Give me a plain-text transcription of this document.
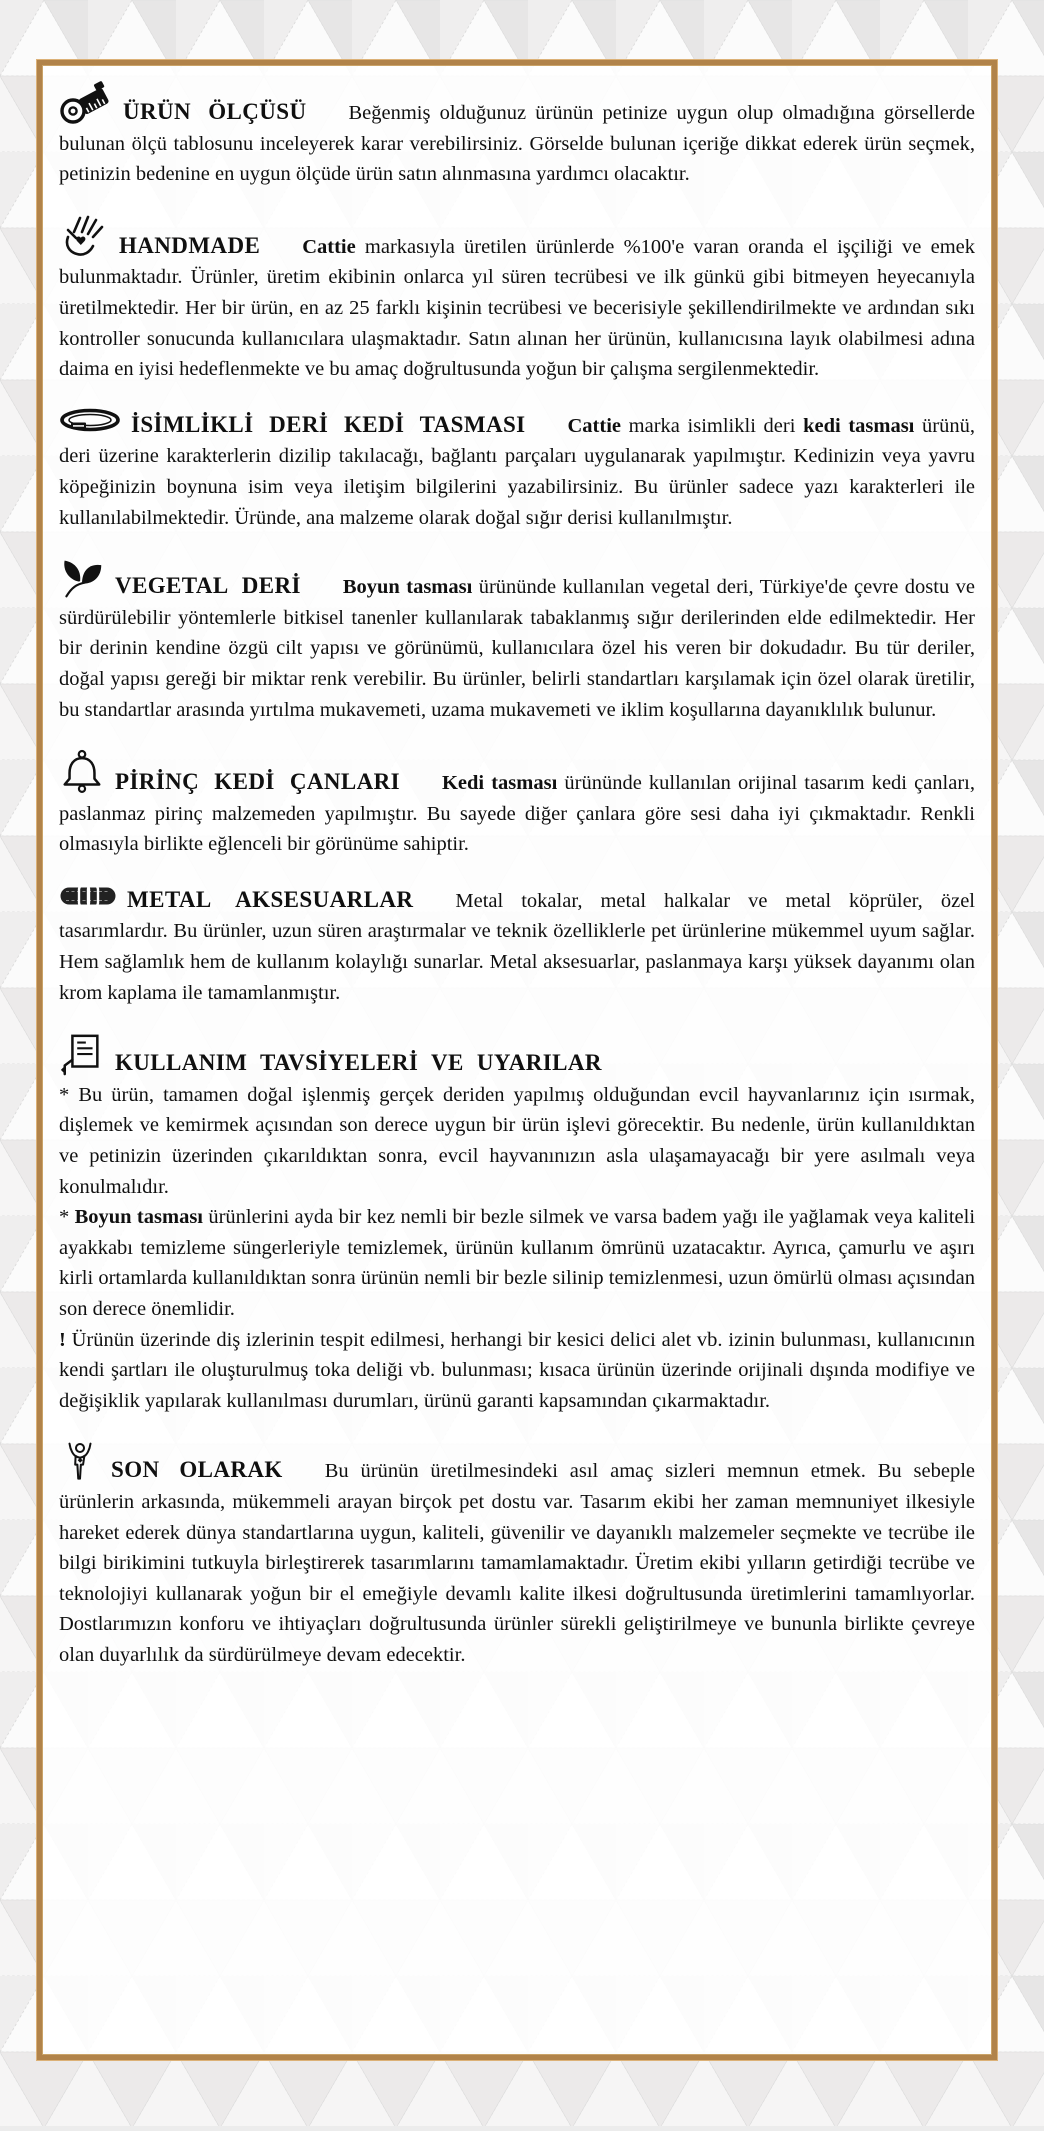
ÜRÜN ÖLÇÜSÜ Beğenmiş olduğunuz ürünün petinize uygun olup olmadığına görsellerde bulunan ölçü tablosunu inceleyerek karar verebilirsiniz. Görselde bulunan içeriğe dikkat ederek ürün seçmek, petinizin bedenine en uygun ölçüde ürün satın alınmasına yardımcı olacaktır.

HANDMADE Cattie markasıyla üretilen ürünlerde %100'e varan oranda el işçiliği ve emek bulunmaktadır. Ürünler, üretim ekibinin onlarca yıl süren tecrübesi ve ilk günkü gibi bitmeyen heyecanıyla üretilmektedir. Her bir ürün, en az 25 farklı kişinin tecrübesi ve becerisiyle şekillendirilmekte ve ardından sıkı kontroller sonucunda kullanıcılara ulaşmaktadır. Satın alınan her ürünün, kullanıcısına layık olabilmesi adına daima en iyisi hedeflenmekte ve bu amaç doğrultusunda yoğun bir çalışma sergilenmektedir.

İSİMLİKLİ DERİ KEDİ TASMASI Cattie marka isimlikli deri kedi tasması ürünü, deri üzerine karakterlerin dizilip takılacağı, bağlantı parçaları uygulanarak yapılmıştır. Kedinizin veya yavru köpeğinizin boynuna isim veya iletişim bilgilerini yazabilirsiniz. Bu ürünler sadece yazı karakterleri ile kullanılabilmektedir. Üründe, ana malzeme olarak doğal sığır derisi kullanılmıştır.

VEGETAL DERİ Boyun tasması ürününde kullanılan vegetal deri, Türkiye'de çevre dostu ve sürdürülebilir yöntemlerle bitkisel tanenler kullanılarak tabaklanmış sığır derilerinden elde edilmektedir. Her bir derinin kendine özgü cilt yapısı ve görünümü, kullanıcılara özel his veren bir dokudadır. Bu tür deriler, doğal yapısı gereği bir miktar renk verebilir. Bu ürünler, belirli standartları karşılamak için özel olarak üretilir, bu standartlar arasında yırtılma mukavemeti, uzama mukavemeti ve iklim koşullarına dayanıklılık bulunur.

PİRİNÇ KEDİ ÇANLARI Kedi tasması ürününde kullanılan orijinal tasarım kedi çanları, paslanmaz pirinç malzemeden yapılmıştır. Bu sayede diğer çanlara göre sesi daha iyi çıkmaktadır. Renkli olmasıyla birlikte eğlenceli bir görünüme sahiptir.

METAL AKSESUARLAR Metal tokalar, metal halkalar ve metal köprüler, özel tasarımlardır. Bu ürünler, uzun süren araştırmalar ve teknik özelliklerle pet ürünlerine mükemmel uyum sağlar. Hem sağlamlık hem de kullanım kolaylığı sunarlar. Metal aksesuarlar, paslanmaya karşı yüksek dayanımı olan krom kaplama ile tamamlanmıştır.

KULLANIM TAVSİYELERİ VE UYARILAR

* Bu ürün, tamamen doğal işlenmiş gerçek deriden yapılmış olduğundan evcil hayvanlarınız için ısırmak, dişlemek ve kemirmek açısından son derece uygun bir ürün işlevi görecektir. Bu nedenle, ürün kullanıldıktan ve petinizin üzerinden çıkarıldıktan sonra, evcil hayvanınızın asla ulaşamayacağı bir yere asılmalı veya konulmalıdır.

* Boyun tasması ürünlerini ayda bir kez nemli bir bezle silmek ve varsa badem yağı ile yağlamak veya kaliteli ayakkabı temizleme süngerleriyle temizlemek, ürünün kullanım ömrünü uzatacaktır. Ayrıca, çamurlu ve aşırı kirli ortamlarda kullanıldıktan sonra ürünün nemli bir bezle silinip temizlenmesi, uzun ömürlü olması açısından son derece önemlidir.

! Ürünün üzerinde diş izlerinin tespit edilmesi, herhangi bir kesici delici alet vb. izinin bulunması, kullanıcının kendi şartları ile oluşturulmuş toka deliği vb. bulunması; kısaca ürünün üzerinde orijinali dışında modifiye ve değişiklik yapılarak kullanılması durumları, ürünü garanti kapsamından çıkarmaktadır.

SON OLARAK Bu ürünün üretilmesindeki asıl amaç sizleri memnun etmek. Bu sebeple ürünlerin arkasında, mükemmeli arayan birçok pet dostu var. Tasarım ekibi her zaman memnuniyet ilkesiyle hareket ederek dünya standartlarına uygun, kaliteli, güvenilir ve dayanıklı malzemeler seçmekte ve tecrübe ile bilgi birikimini tutkuyla birleştirerek tasarımlarını tamamlamaktadır. Üretim ekibi yılların getirdiği tecrübe ve teknolojiyi kullanarak yoğun bir el emeğiyle devamlı kalite ilkesi doğrultusunda üretimlerini tamamlıyorlar. Dostlarımızın konforu ve ihtiyaçları doğrultusunda ürünler sürekli geliştirilmeye ve bununla birlikte çevreye olan duyarlılık da sürdürülmeye devam edecektir.
